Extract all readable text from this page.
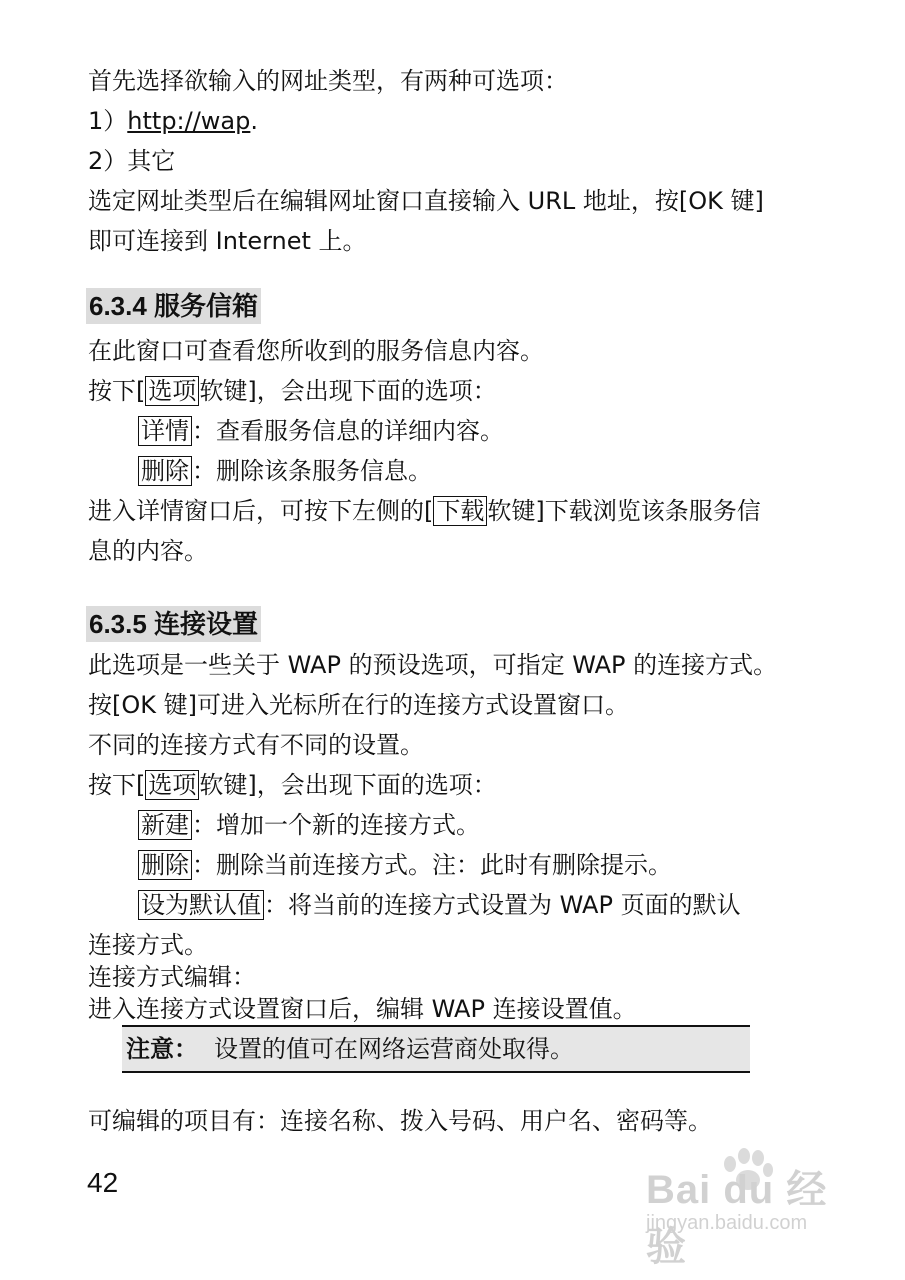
首先选择欲输入的网址类型，有两种可选项：
1）http://wap.
2）其它
选定网址类型后在编辑网址窗口直接输入 URL 地址，按[OK 键]
即可连接到 Internet 上。
6.3.4 服务信箱
在此窗口可查看您所收到的服务信息内容。
按下[ 选项 软键]，会出现下面的选项：
详情 ：查看服务信息的详细内容。
删除 ：删除该条服务信息。
进入详情窗口后，可按下左侧的[ 下载 软键]下载浏览该条服务信
息的内容。
6.3.5 连接设置
此选项是一些关于 WAP 的预设选项，可指定 WAP 的连接方式。
按[OK 键]可进入光标所在行的连接方式设置窗口。
不同的连接方式有不同的设置。
按下[ 选项 软键]，会出现下面的选项：
新建 ：增加一个新的连接方式。
删除 ：删除当前连接方式。注：此时有删除提示。
设为默认值 ：将当前的连接方式设置为 WAP 页面的默认
连接方式。
连接方式编辑：
进入连接方式设置窗口后，编辑 WAP 连接设置值。
注意： 设置的值可在网络运营商处取得。
可编辑的项目有：连接名称、拨入号码、用户名、密码等。
42	Bai du 经验
jingyan.baidu.com
